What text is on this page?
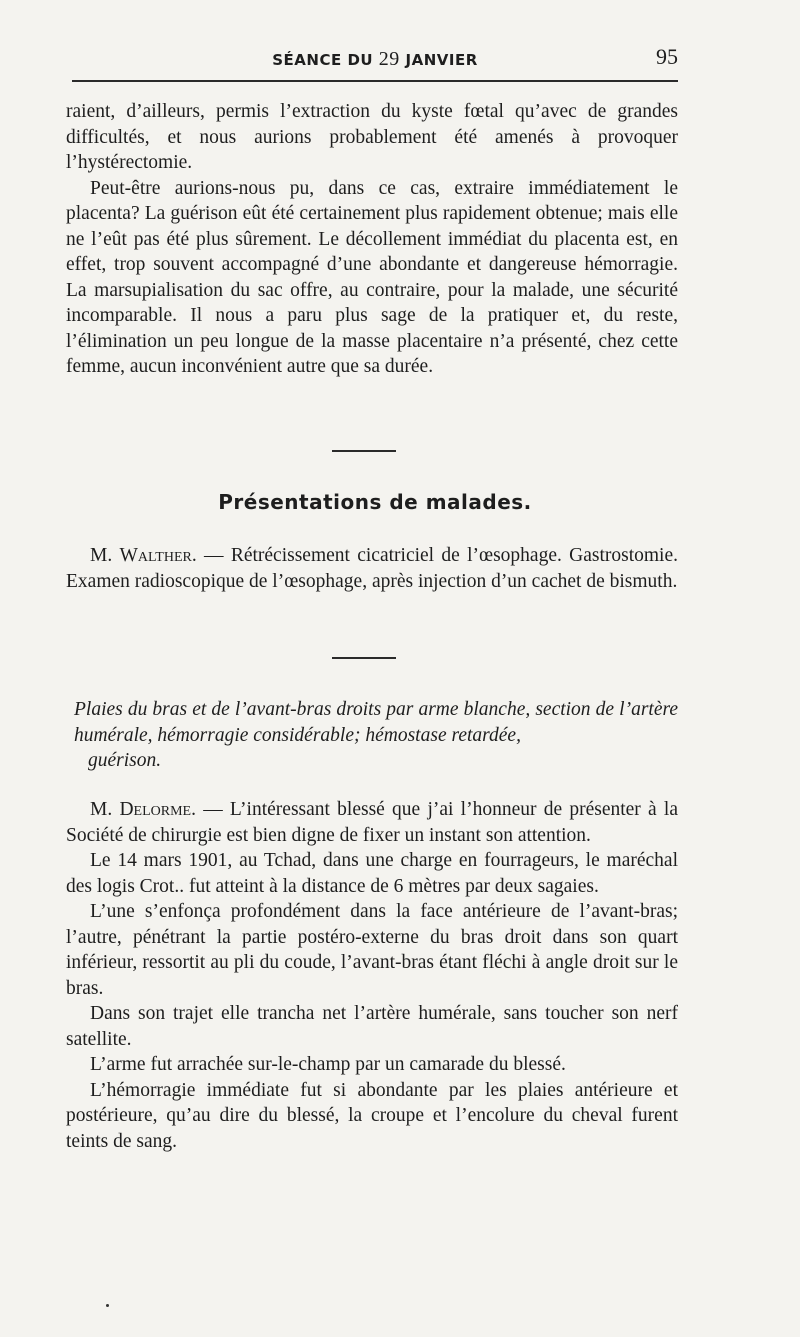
SÉANCE DU 29 JANVIER	95

raient, d’ailleurs, permis l’extraction du kyste fœtal qu’avec de grandes difficultés, et nous aurions probablement été amenés à provoquer l’hystérectomie.

Peut-être aurions-nous pu, dans ce cas, extraire immédiatement le placenta? La guérison eût été certainement plus rapidement obtenue; mais elle ne l’eût pas été plus sûrement. Le décollement immédiat du placenta est, en effet, trop souvent accompagné d’une abondante et dangereuse hémorragie. La marsupialisation du sac offre, au contraire, pour la malade, une sécurité incomparable. Il nous a paru plus sage de la pratiquer et, du reste, l’élimination un peu longue de la masse placentaire n’a présenté, chez cette femme, aucun inconvénient autre que sa durée.

Présentations de malades.

M. Walther. — Rétrécissement cicatriciel de l’œsophage. Gastrostomie. Examen radioscopique de l’œsophage, après injection d’un cachet de bismuth.

Plaies du bras et de l’avant-bras droits par arme blanche, section de l’artère humérale, hémorragie considérable; hémostase retardée,
guérison.

M. Delorme. — L’intéressant blessé que j’ai l’honneur de présenter à la Société de chirurgie est bien digne de fixer un instant son attention.

Le 14 mars 1901, au Tchad, dans une charge en fourrageurs, le maréchal des logis Crot.. fut atteint à la distance de 6 mètres par deux sagaies.

L’une s’enfonça profondément dans la face antérieure de l’avant-bras; l’autre, pénétrant la partie postéro-externe du bras droit dans son quart inférieur, ressortit au pli du coude, l’avant-bras étant fléchi à angle droit sur le bras.

Dans son trajet elle trancha net l’artère humérale, sans toucher son nerf satellite.

L’arme fut arrachée sur-le-champ par un camarade du blessé.

L’hémorragie immédiate fut si abondante par les plaies antérieure et postérieure, qu’au dire du blessé, la croupe et l’encolure du cheval furent teints de sang.
